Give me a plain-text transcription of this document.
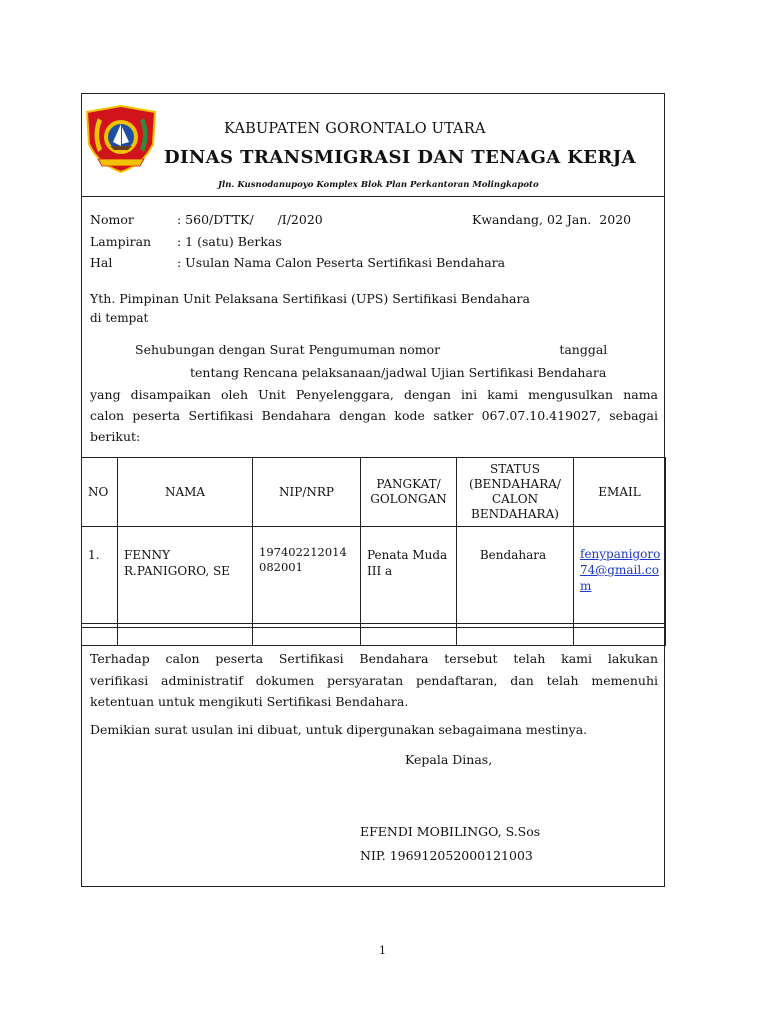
KABUPATEN GORONTALO UTARA
DINAS TRANSMIGRASI DAN TENAGA KERJA
Jln. Kusnodanupoyo Komplex Blok Plan Perkantoran Molingkapoto
Nomor	: 560/DTTK/      /I/2020	Kwandang, 02 Jan.  2020
Lampiran : 1 (satu) Berkas
Hal	: Usulan Nama Calon Peserta Sertifikasi Bendahara
Yth. Pimpinan Unit Pelaksana Sertifikasi (UPS) Sertifikasi Bendahara
di tempat
Sehubungan dengan Surat Pengumuman nomor                              tanggal
tentang Rencana pelaksanaan/jadwal Ujian Sertifikasi Bendahara
yang disampaikan oleh Unit Penyelenggara, dengan ini kami mengusulkan nama
calon peserta Sertifikasi Bendahara dengan kode satker 067.07.10.419027, sebagai
berikut:
NO	NAMA	NIP/NRP	PANGKAT/ GOLONGAN	STATUS (BENDAHARA/ CALON BENDAHARA)	EMAIL
1.	FENNY R.PANIGORO, SE	197402212014 082001	Penata Muda III a	Bendahara	fenypanigoro74@gmail.com

Terhadap calon peserta Sertifikasi Bendahara tersebut telah kami lakukan
verifikasi administratif dokumen persyaratan pendaftaran, dan telah memenuhi
ketentuan untuk mengikuti Sertifikasi Bendahara.
Demikian surat usulan ini dibuat, untuk dipergunakan sebagaimana mestinya.
Kepala Dinas,
EFENDI MOBILINGO, S.Sos
NIP. 196912052000121003
1
